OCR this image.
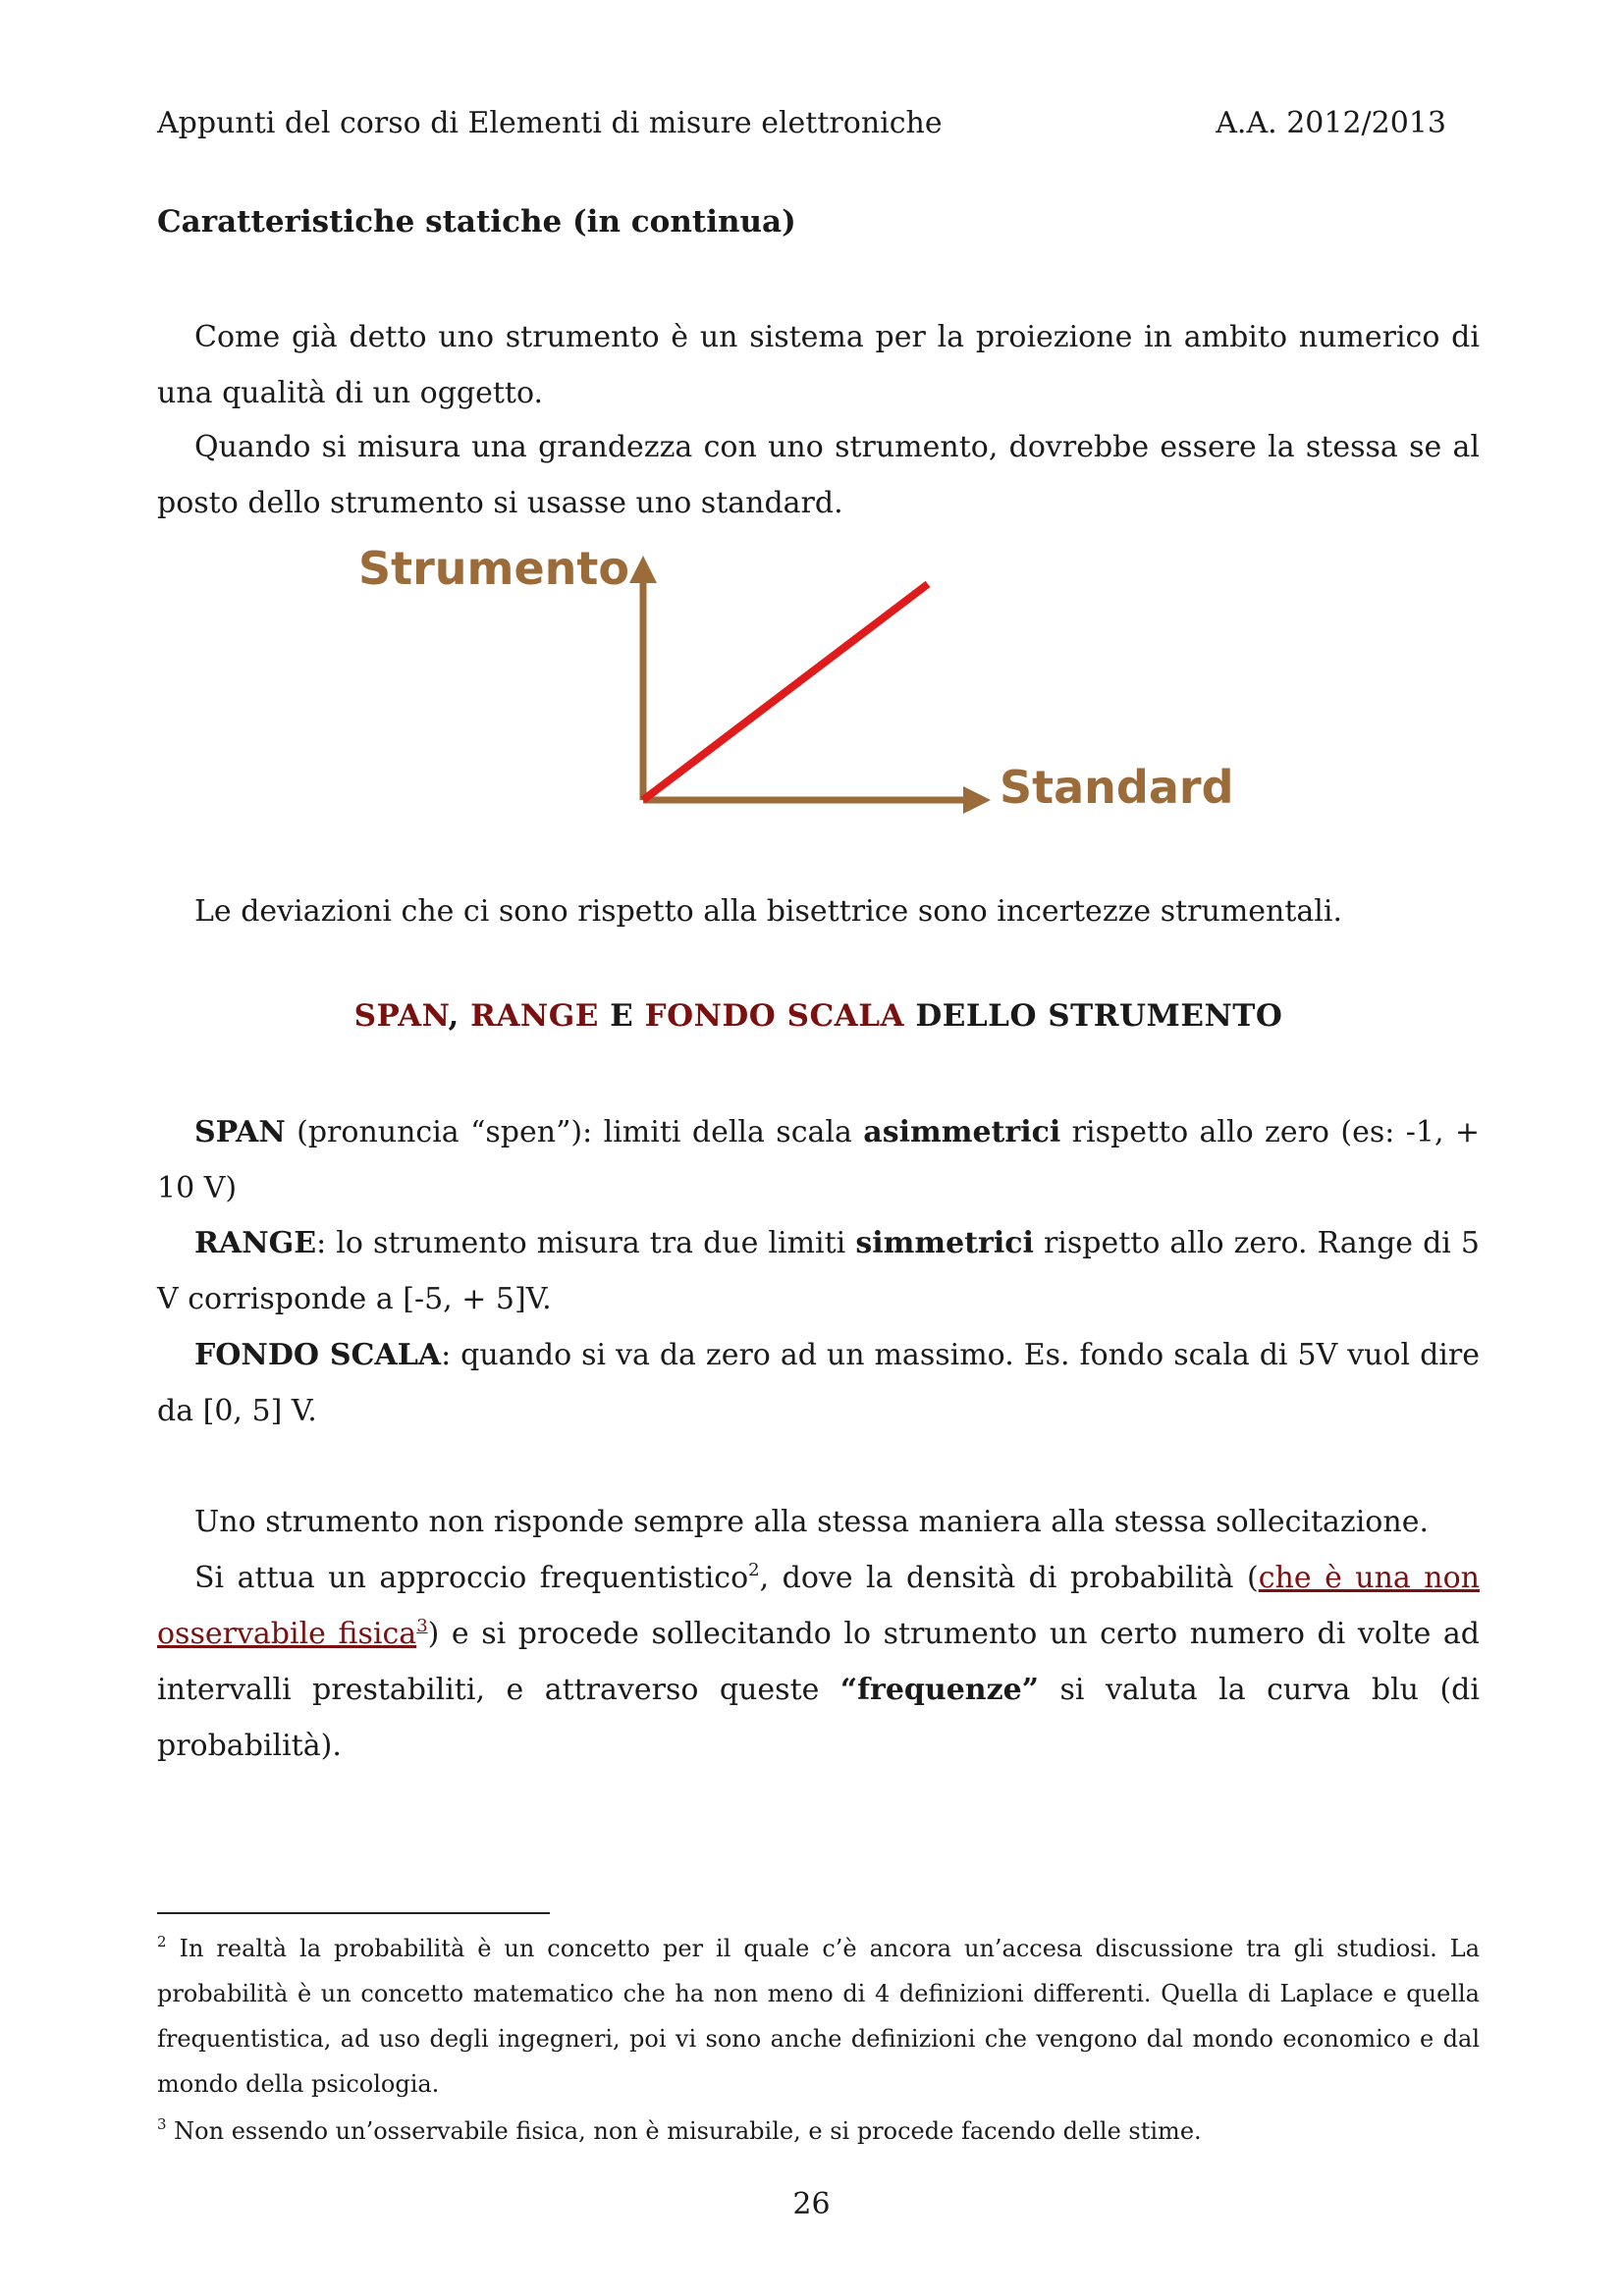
Appunti del corso di Elementi di misure elettroniche	A.A. 2012/2013
Caratteristiche statiche (in continua)

Come già detto uno strumento è un sistema per la proiezione in ambito numerico di una qualità di un oggetto.

Quando si misura una grandezza con uno strumento, dovrebbe essere la stessa se al posto dello strumento si usasse uno standard.

Strumento
Standard

Le deviazioni che ci sono rispetto alla bisettrice sono incertezze strumentali.

SPAN, RANGE E FONDO SCALA DELLO STRUMENTO

SPAN (pronuncia “spen”): limiti della scala asimmetrici rispetto allo zero (es: -1, + 10 V)

RANGE: lo strumento misura tra due limiti simmetrici rispetto allo zero. Range di 5 V corrisponde a [-5, + 5]V.

FONDO SCALA: quando si va da zero ad un massimo. Es. fondo scala di 5V vuol dire da [0, 5] V.

Uno strumento non risponde sempre alla stessa maniera alla stessa sollecitazione.

Si attua un approccio frequentistico$^2$, dove la densità di probabilità (che è una non osservabile fisica$^3$) e si procede sollecitando lo strumento un certo numero di volte ad intervalli prestabiliti, e attraverso queste “frequenze” si valuta la curva blu (di probabilità).

$^2$ In realtà la probabilità è un concetto per il quale c’è ancora un’accesa discussione tra gli studiosi. La probabilità è un concetto matematico che ha non meno di 4 definizioni differenti. Quella di Laplace e quella frequentistica, ad uso degli ingegneri, poi vi sono anche definizioni che vengono dal mondo economico e dal mondo della psicologia.

$^3$ Non essendo un’osservabile fisica, non è misurabile, e si procede facendo delle stime.

26
